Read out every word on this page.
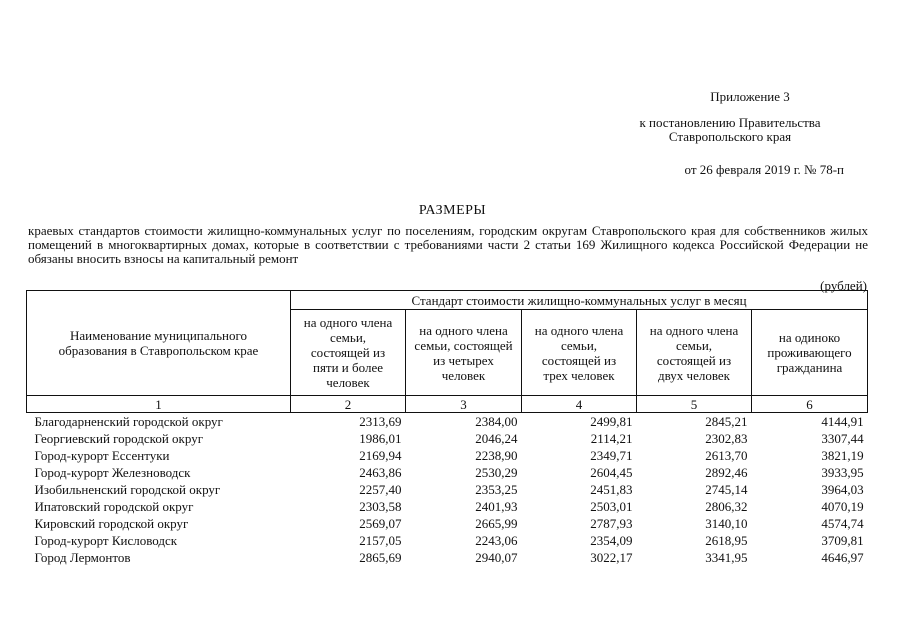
Приложение 3
к постановлению Правительства
Ставропольского края
от 26 февраля 2019 г. № 78-п
РАЗМЕРЫ
краевых стандартов стоимости жилищно-коммунальных услуг по поселениям, городским округам Ставропольского края для собственников жилых помещений в многоквартирных домах, которые в соответствии с требованиями части 2 статьи 169 Жилищного кодекса Российской Федерации не обязаны вносить взносы на капитальный ремонт
(рублей)
Наименование муниципального образования в Ставропольском крае	Стандарт стоимости жилищно-коммунальных услуг в месяц				
	на одного члена семьи, состоящей из пяти и более человек	на одного члена семьи, состоящей из четырех человек	на одного члена семьи, состоящей из трех человек	на одного члена семьи, состоящей из двух человек	на одиноко проживающего гражданина
1	2	3	4	5	6
Благодарненский городской округ	2313,69	2384,00	2499,81	2845,21	4144,91
Георгиевский городской округ	1986,01	2046,24	2114,21	2302,83	3307,44
Город-курорт Ессентуки	2169,94	2238,90	2349,71	2613,70	3821,19
Город-курорт Железноводск	2463,86	2530,29	2604,45	2892,46	3933,95
Изобильненский городской округ	2257,40	2353,25	2451,83	2745,14	3964,03
Ипатовский городской округ	2303,58	2401,93	2503,01	2806,32	4070,19
Кировский городской округ	2569,07	2665,99	2787,93	3140,10	4574,74
Город-курорт Кисловодск	2157,05	2243,06	2354,09	2618,95	3709,81
Город Лермонтов	2865,69	2940,07	3022,17	3341,95	4646,97
